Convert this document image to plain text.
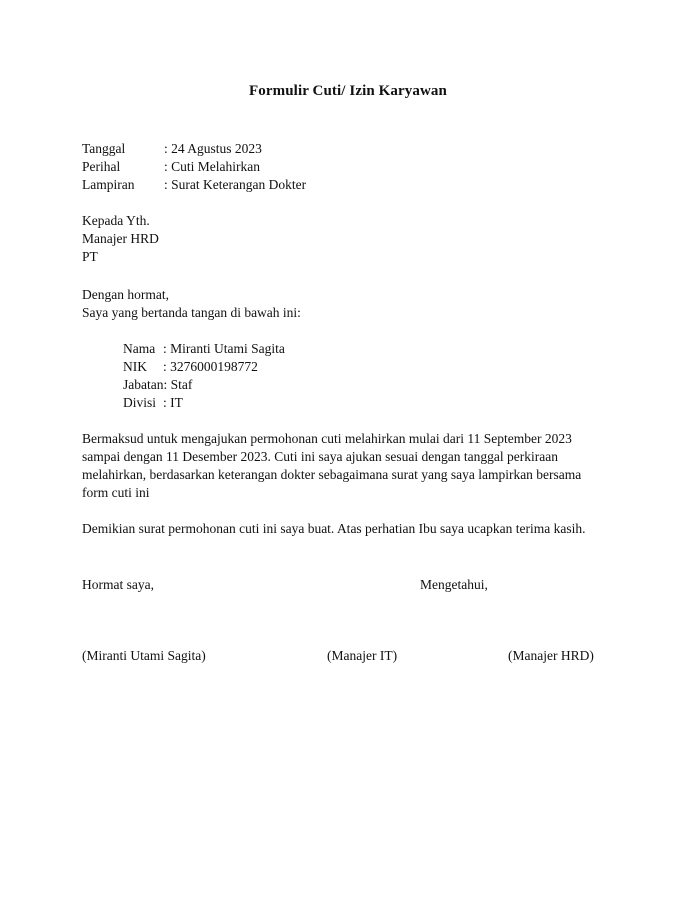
Formulir Cuti/ Izin Karyawan
Tanggal	: 24 Agustus 2023
Perihal	: Cuti Melahirkan
Lampiran : Surat Keterangan Dokter
Kepada Yth.
Manajer HRD
PT
Dengan hormat,
Saya yang bertanda tangan di bawah ini:
Nama : Miranti Utami Sagita
NIK : 3276000198772
Jabatan: Staf
Divisi : IT
Bermaksud untuk mengajukan permohonan cuti melahirkan mulai dari 11 September 2023
sampai dengan 11 Desember 2023. Cuti ini saya ajukan sesuai dengan tanggal perkiraan
melahirkan, berdasarkan keterangan dokter sebagaimana surat yang saya lampirkan bersama
form cuti ini
Demikian surat permohonan cuti ini saya buat. Atas perhatian Ibu saya ucapkan terima kasih.
Hormat saya,	Mengetahui,
(Miranti Utami Sagita)	(Manajer IT)	(Manajer HRD)
